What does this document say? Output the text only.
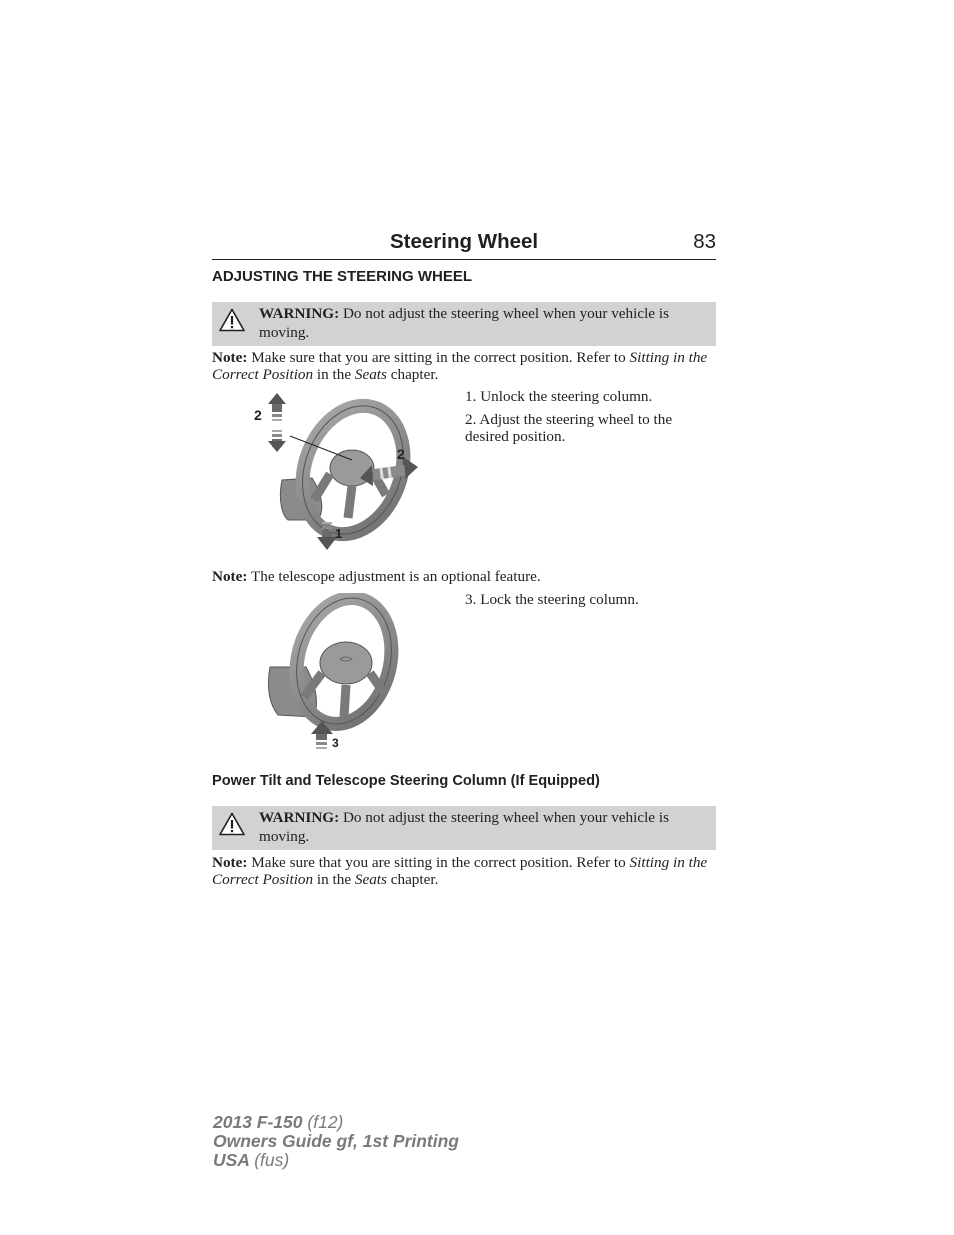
Steering Wheel	83
ADJUSTING THE STEERING WHEEL
WARNING: Do not adjust the steering wheel when your vehicle is moving.
Note: Make sure that you are sitting in the correct position. Refer to Sitting in the Correct Position in the Seats chapter.
2
2
1
1. Unlock the steering column.
2. Adjust the steering wheel to the desired position.
Note: The telescope adjustment is an optional feature.
3
3. Lock the steering column.
Power Tilt and Telescope Steering Column (If Equipped)
WARNING: Do not adjust the steering wheel when your vehicle is moving.
Note: Make sure that you are sitting in the correct position. Refer to Sitting in the Correct Position in the Seats chapter.
2013 F-150 (f12)
Owners Guide gf, 1st Printing
USA (fus)
